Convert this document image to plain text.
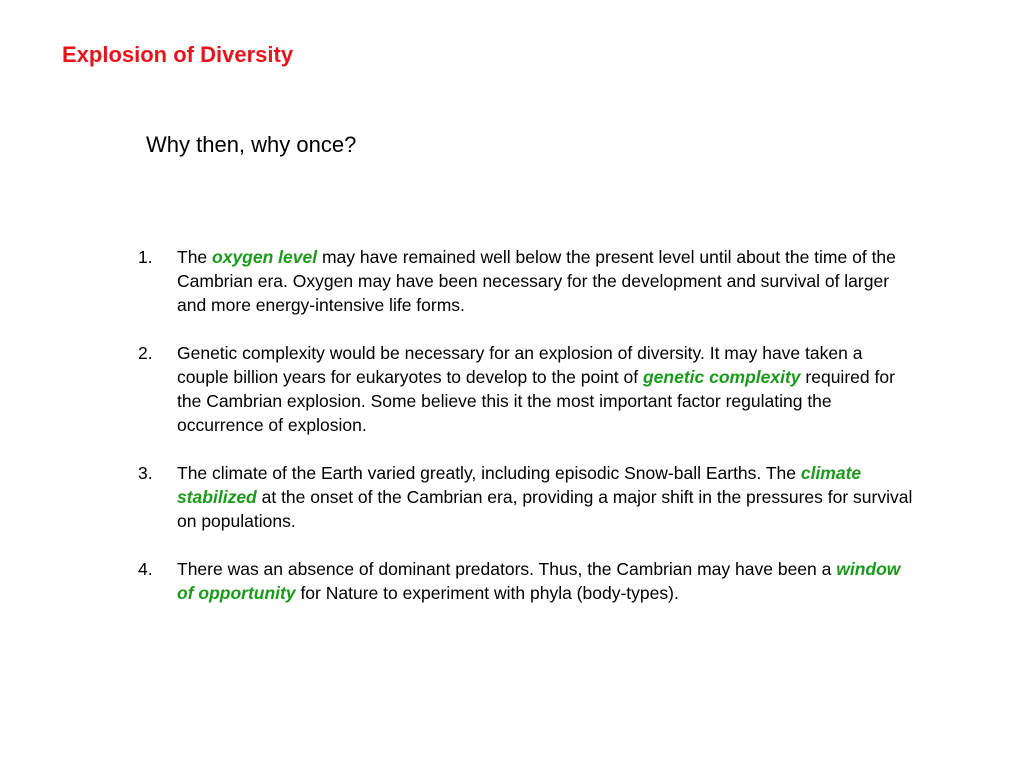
Explosion of Diversity
Why then, why once?
1. The oxygen level may have remained well below the present level until about the time of the Cambrian era. Oxygen may have been necessary for the development and survival of larger and more energy-intensive life forms.
2. Genetic complexity would be necessary for an explosion of diversity. It may have taken a couple billion years for eukaryotes to develop to the point of genetic complexity required for the Cambrian explosion. Some believe this it the most important factor regulating the occurrence of explosion.
3. The climate of the Earth varied greatly, including episodic Snow-ball Earths. The climate stabilized at the onset of the Cambrian era, providing a major shift in the pressures for survival on populations.
4. There was an absence of dominant predators. Thus, the Cambrian may have been a window of opportunity for Nature to experiment with phyla (body-types).
